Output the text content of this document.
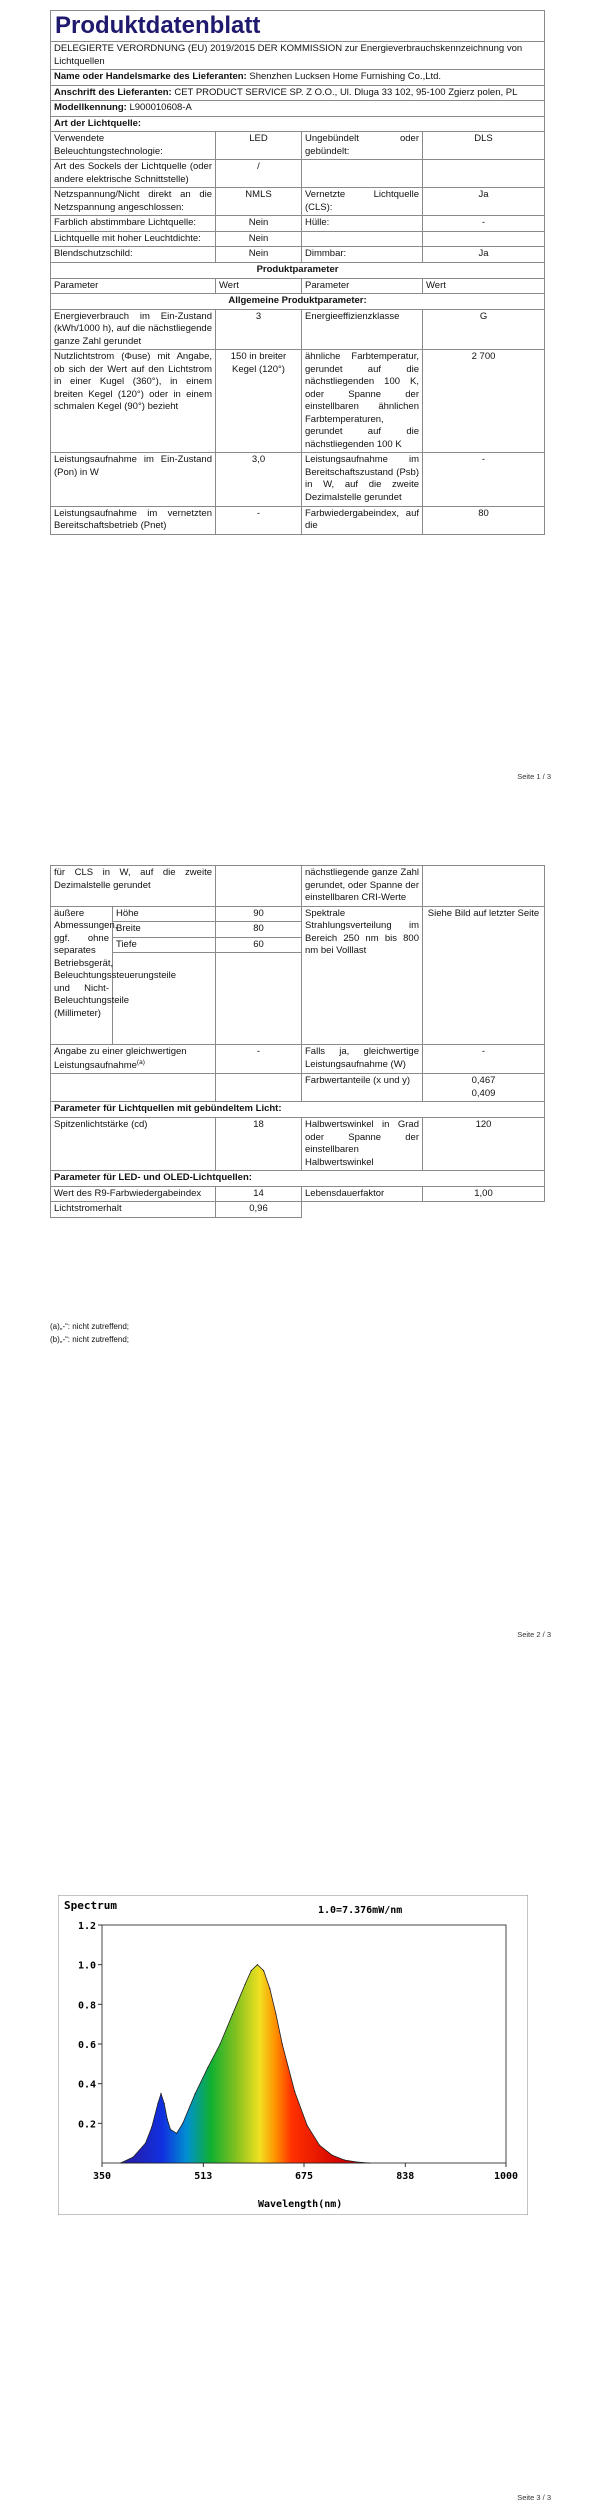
Produktdatenblatt			
DELEGIERTE VERORDNUNG (EU) 2019/2015 DER KOMMISSION zur Energieverbrauchskennzeichnung von Lichtquellen			
Name oder Handelsmarke des Lieferanten: Shenzhen Lucksen Home Furnishing Co.,Ltd.			
Anschrift des Lieferanten: CET PRODUCT SERVICE SP. Z O.O., Ul. Dluga 33 102, 95-100 Zgierz polen, PL			
Modellkennung: L900010608-A			
Art der Lichtquelle:			
Verwendete Beleuchtungstechnologie:	LED	Ungebündelt oder gebündelt:	DLS
Art des Sockels der Lichtquelle (oder andere elektrische Schnittstelle)	/		
Netzspannung/Nicht direkt an die Netzspannung angeschlossen:	NMLS	Vernetzte Lichtquelle (CLS):	Ja
Farblich abstimmbare Lichtquelle:	Nein	Hülle:	-
Lichtquelle mit hoher Leuchtdichte:	Nein		
Blendschutzschild:	Nein	Dimmbar:	Ja
Produktparameter			
Parameter	Wert	Parameter	Wert
Allgemeine Produktparameter:			
Energieverbrauch im Ein-Zustand (kWh/1000 h), auf die nächstliegende ganze Zahl gerundet	3	Energieeffizienzklasse	G
Nutzlichtstrom (Φuse) mit Angabe, ob sich der Wert auf den Lichtstrom in einer Kugel (360°), in einem breiten Kegel (120°) oder in einem schmalen Kegel (90°) bezieht	150 in breiter Kegel (120°)	ähnliche Farbtemperatur, gerundet auf die nächstliegenden 100 K, oder Spanne der einstellbaren ähnlichen Farbtemperaturen, gerundet auf die nächstliegenden 100 K	2 700
Leistungsaufnahme im Ein-Zustand (Pon) in W	3,0	Leistungsaufnahme im Bereitschaftszustand (Psb) in W, auf die zweite Dezimalstelle gerundet	-
Leistungsaufnahme im vernetzten Bereitschaftsbetrieb (Pnet)	-	Farbwiedergabeindex, auf die	80
Seite 1 / 3
für CLS in W, auf die zweite Dezimalstelle gerundet			nächstliegende ganze Zahl gerundet, oder Spanne der einstellbaren CRI-Werte	
äußere Abmessungen, ggf. ohne separates Betriebsgerät, Beleuchtungssteuerungsteile und Nicht-Beleuchtungsteile (Millimeter)	Höhe	90	Spektrale Strahlungsverteilung im Bereich 250 nm bis 800 nm bei Volllast	Siehe Bild auf letzter Seite
	Breite	80		
	Tiefe	60		

Angabe zu einer gleichwertigen Leistungsaufnahme$^{(a)}$		-	Falls ja, gleichwertige Leistungsaufnahme (W)	-
			Farbwertanteile (x und y)	0,467
0,409

Parameter für Lichtquellen mit gebündeltem Licht:				
Spitzenlichtstärke (cd)		18	Halbwertswinkel in Grad oder Spanne der einstellbaren Halbwertswinkel	120
Parameter für LED- und OLED-Lichtquellen:				
Wert des R9-Farbwiedergabeindex		14	Lebensdauerfaktor	1,00
Lichtstromerhalt		0,96		
(a)„-“: nicht zutreffend;
(b)„-“: nicht zutreffend;
Seite 2 / 3
0.2
0.4
0.6
0.8
1.0
1.2
350	513	675	838	1000
Spectrum	1.0=7.376mW/nm
Wavelength(nm)
Seite 3 / 3
